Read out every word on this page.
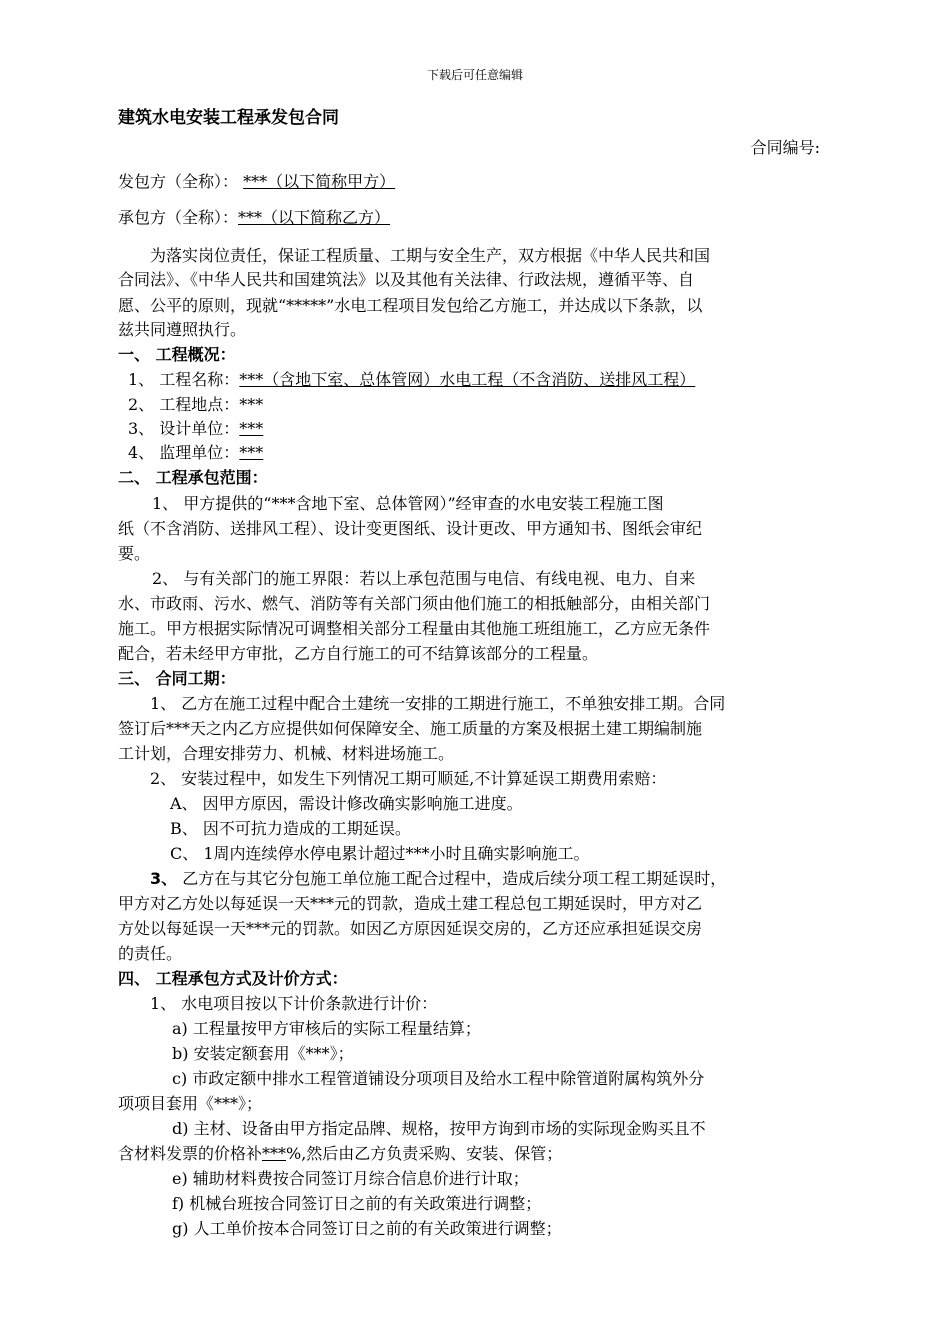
下载后可任意编辑
建筑水电安装工程承发包合同
合同编号:
发包方（全称）： ***（以下简称甲方）
承包方（全称）：***（以下简称乙方）
为落实岗位责任，保证工程质量、工期与安全生产，双方根据《中华人民共和国
合同法》、《中华人民共和国建筑法》以及其他有关法律、行政法规，遵循平等、自
愿、公平的原则，现就“*****”水电工程项目发包给乙方施工，并达成以下条款，以
兹共同遵照执行。
一、 工程概况：
1、 工程名称：***（含地下室、总体管网）水电工程（不含消防、送排风工程）
2、 工程地点：***
3、 设计单位：***
4、 监理单位：***
二、 工程承包范围：
1、 甲方提供的“***含地下室、总体管网）”经审查的水电安装工程施工图
纸（不含消防、送排风工程）、设计变更图纸、设计更改、甲方通知书、图纸会审纪
要。
2、 与有关部门的施工界限：若以上承包范围与电信、有线电视、电力、自来
水、市政雨、污水、燃气、消防等有关部门须由他们施工的相抵触部分，由相关部门
施工。甲方根据实际情况可调整相关部分工程量由其他施工班组施工，乙方应无条件
配合，若未经甲方审批，乙方自行施工的可不结算该部分的工程量。
三、 合同工期：
1、 乙方在施工过程中配合土建统一安排的工期进行施工，不单独安排工期。合同
签订后***天之内乙方应提供如何保障安全、施工质量的方案及根据土建工期编制施
工计划，合理安排劳力、机械、材料进场施工。
2、 安装过程中，如发生下列情况工期可顺延,不计算延误工期费用索赔：
A、 因甲方原因，需设计修改确实影响施工进度。
B、 因不可抗力造成的工期延误。
C、 1周内连续停水停电累计超过***小时且确实影响施工。
3、 乙方在与其它分包施工单位施工配合过程中，造成后续分项工程工期延误时，
甲方对乙方处以每延误一天***元的罚款，造成土建工程总包工期延误时，甲方对乙
方处以每延误一天***元的罚款。如因乙方原因延误交房的，乙方还应承担延误交房
的责任。
四、 工程承包方式及计价方式：
1、 水电项目按以下计价条款进行计价：
a) 工程量按甲方审核后的实际工程量结算；
b) 安装定额套用《***》；
c) 市政定额中排水工程管道铺设分项项目及给水工程中除管道附属构筑外分
项项目套用《***》；
d) 主材、设备由甲方指定品牌、规格，按甲方询到市场的实际现金购买且不
含材料发票的价格补***%,然后由乙方负责采购、安装、保管；
e) 辅助材料费按合同签订月综合信息价进行计取；
f) 机械台班按合同签订日之前的有关政策进行调整；
g) 人工单价按本合同签订日之前的有关政策进行调整；
